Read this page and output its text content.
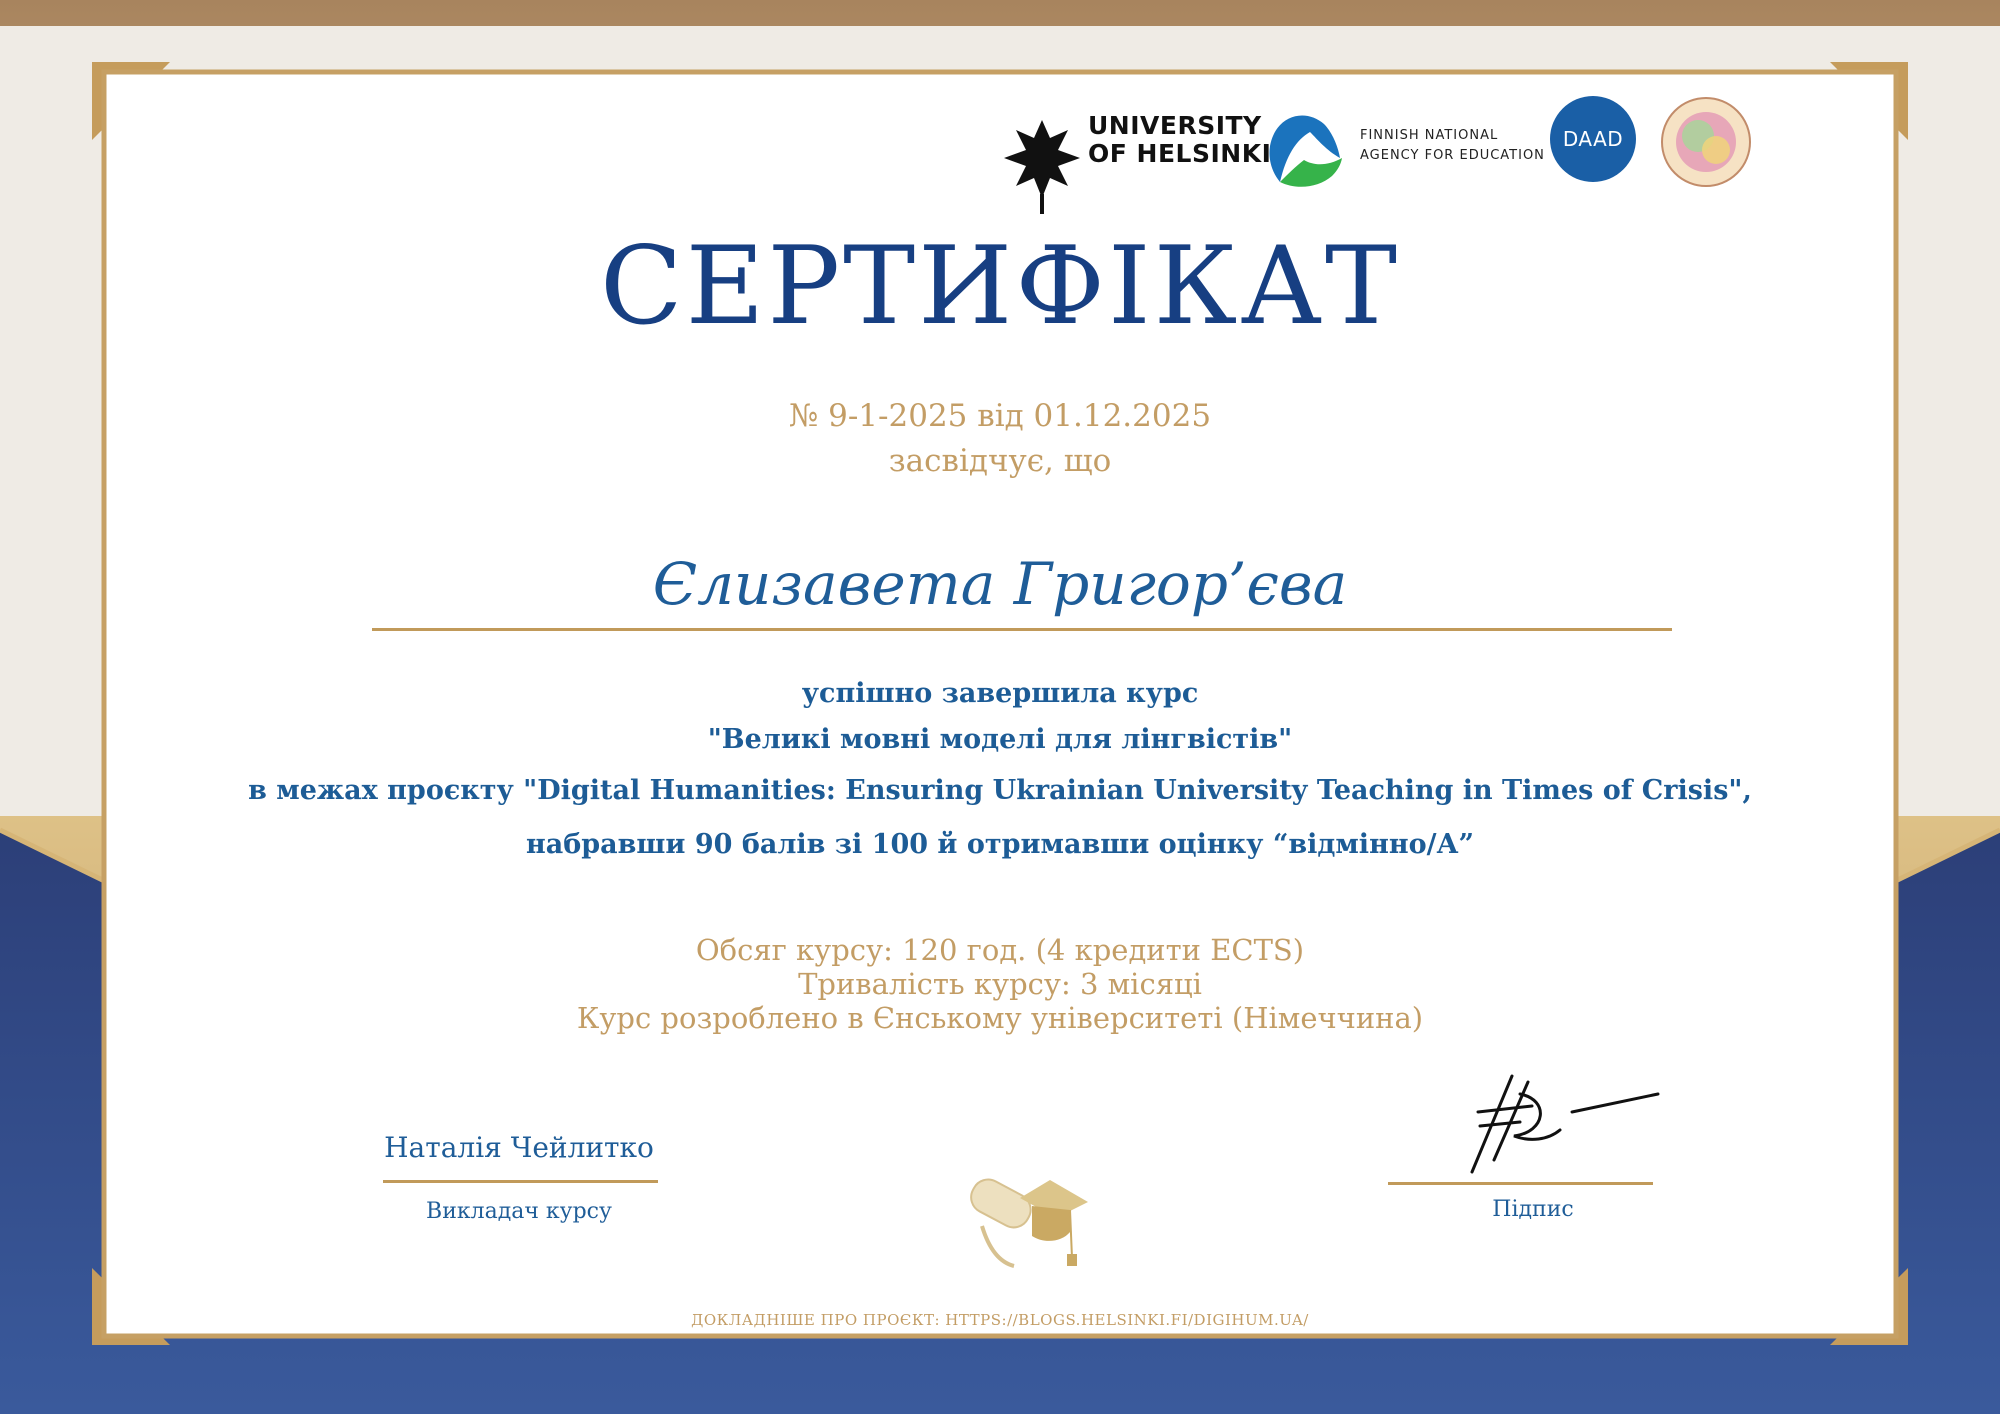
UNIVERSITY
OF HELSINKI
FINNISH NATIONAL
AGENCY FOR EDUCATION
DAAD
СЕРТИФІКАТ
№ 9-1-2025 від 01.12.2025
засвідчує, що
Єлизавета Григор’єва
успішно завершила курс
"Великі мовні моделі для лінгвістів"
в межах проєкту "Digital Humanities: Ensuring Ukrainian University Teaching in Times of Crisis",
набравши 90 балів зі 100 й отримавши оцінку “відмінно/А”
Обсяг курсу: 120 год. (4 кредити ECTS)
Тривалість курсу: 3 місяці
Курс розроблено в Єнському університеті (Німеччина)
Наталія Чейлитко
Викладач курсу	Підпис
ДОКЛАДНІШЕ ПРО ПРОЄКТ: HTTPS://BLOGS.HELSINKI.FI/DIGIHUM.UA/
